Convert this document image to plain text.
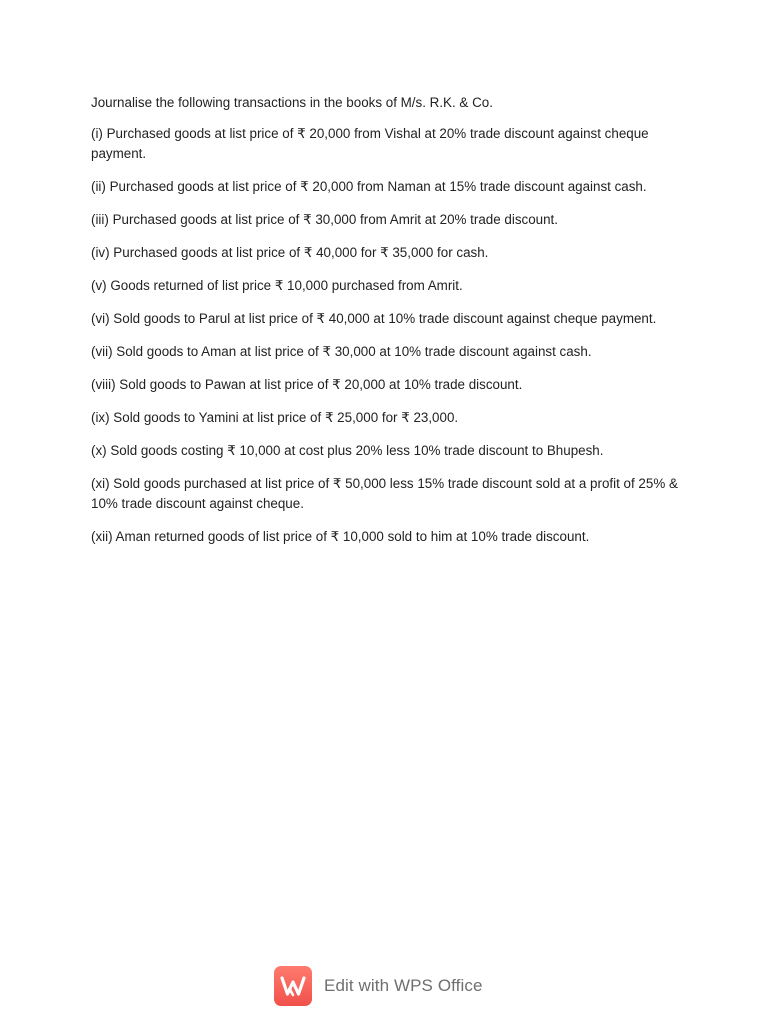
Journalise the following transactions in the books of M/s. R.K. & Co.

(i) Purchased goods at list price of ₹ 20,000 from Vishal at 20% trade discount against cheque payment.

(ii) Purchased goods at list price of ₹ 20,000 from Naman at 15% trade discount against cash.

(iii) Purchased goods at list price of ₹ 30,000 from Amrit at 20% trade discount.

(iv) Purchased goods at list price of ₹ 40,000 for ₹ 35,000 for cash.

(v) Goods returned of list price ₹ 10,000 purchased from Amrit.

(vi) Sold goods to Parul at list price of ₹ 40,000 at 10% trade discount against cheque payment.

(vii) Sold goods to Aman at list price of ₹ 30,000 at 10% trade discount against cash.

(viii) Sold goods to Pawan at list price of ₹ 20,000 at 10% trade discount.

(ix) Sold goods to Yamini at list price of ₹ 25,000 for ₹ 23,000.

(x) Sold goods costing ₹ 10,000 at cost plus 20% less 10% trade discount to Bhupesh.

(xi) Sold goods purchased at list price of ₹ 50,000 less 15% trade discount sold at a profit of 25% & 10% trade discount against cheque.

(xii) Aman returned goods of list price of ₹ 10,000 sold to him at 10% trade discount.

Edit with WPS Office
